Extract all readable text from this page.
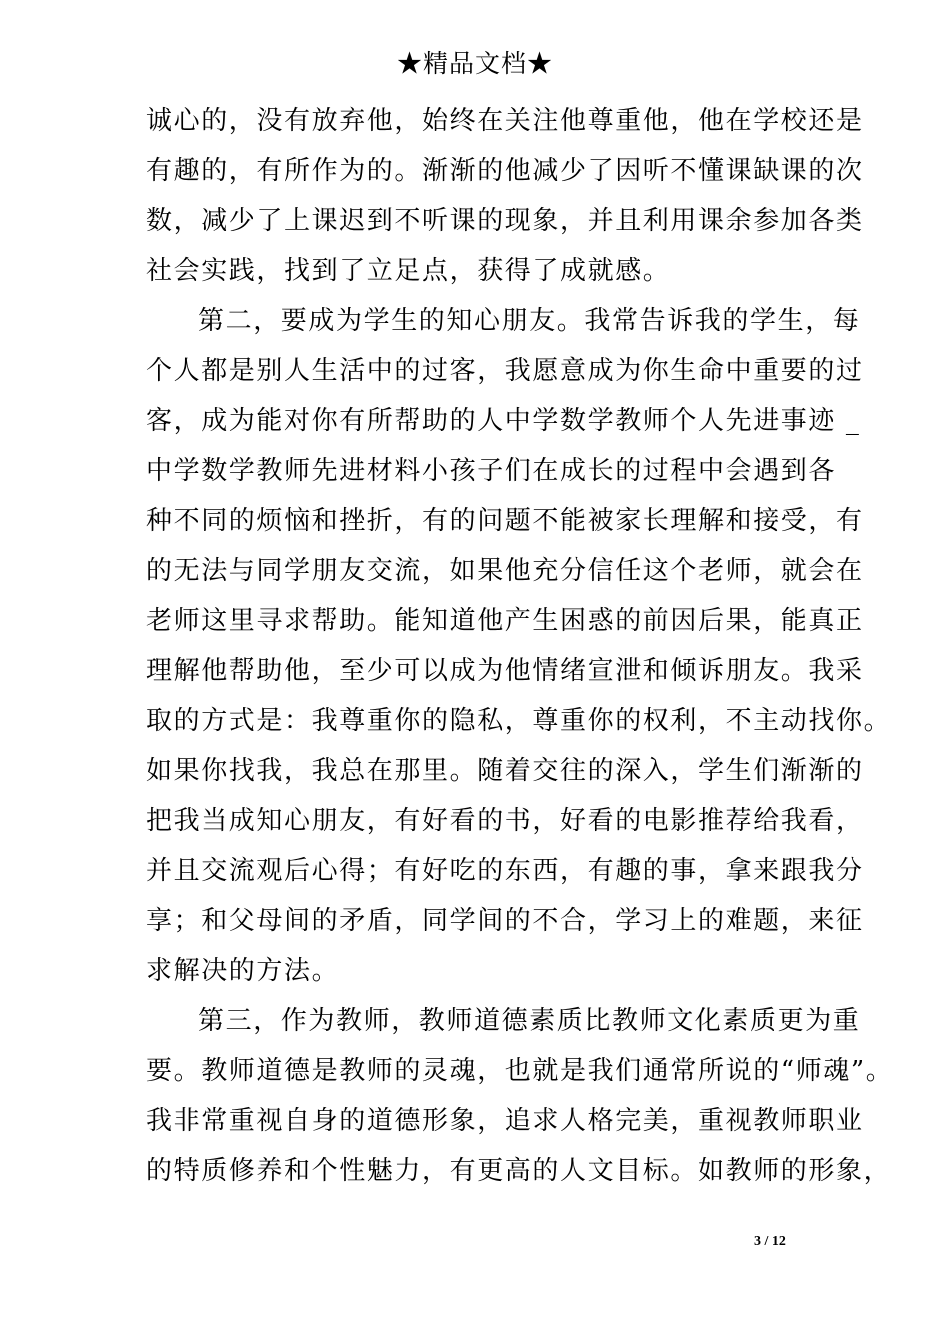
★精品文档★
诚心的，没有放弃他，始终在关注他尊重他，他在学校还是
有趣的，有所作为的。渐渐的他减少了因听不懂课缺课的次
数，减少了上课迟到不听课的现象，并且利用课余参加各类
社会实践，找到了立足点，获得了成就感。
第二，要成为学生的知心朋友。我常告诉我的学生，每
个人都是别人生活中的过客，我愿意成为你生命中重要的过
客，成为能对你有所帮助的人中学数学教师个人先进事迹 _
中学数学教师先进材料小孩子们在成长的过程中会遇到各
种不同的烦恼和挫折，有的问题不能被家长理解和接受，有
的无法与同学朋友交流，如果他充分信任这个老师，就会在
老师这里寻求帮助。能知道他产生困惑的前因后果，能真正
理解他帮助他，至少可以成为他情绪宣泄和倾诉朋友。我采
取的方式是：我尊重你的隐私，尊重你的权利，不主动找你。
如果你找我，我总在那里。随着交往的深入，学生们渐渐的
把我当成知心朋友，有好看的书，好看的电影推荐给我看，
并且交流观后心得；有好吃的东西，有趣的事，拿来跟我分
享；和父母间的矛盾，同学间的不合，学习上的难题，来征
求解决的方法。
第三，作为教师，教师道德素质比教师文化素质更为重
要。教师道德是教师的灵魂，也就是我们通常所说的“师魂”。
我非常重视自身的道德形象，追求人格完美，重视教师职业
的特质修养和个性魅力，有更高的人文目标。如教师的形象，
3 / 12
